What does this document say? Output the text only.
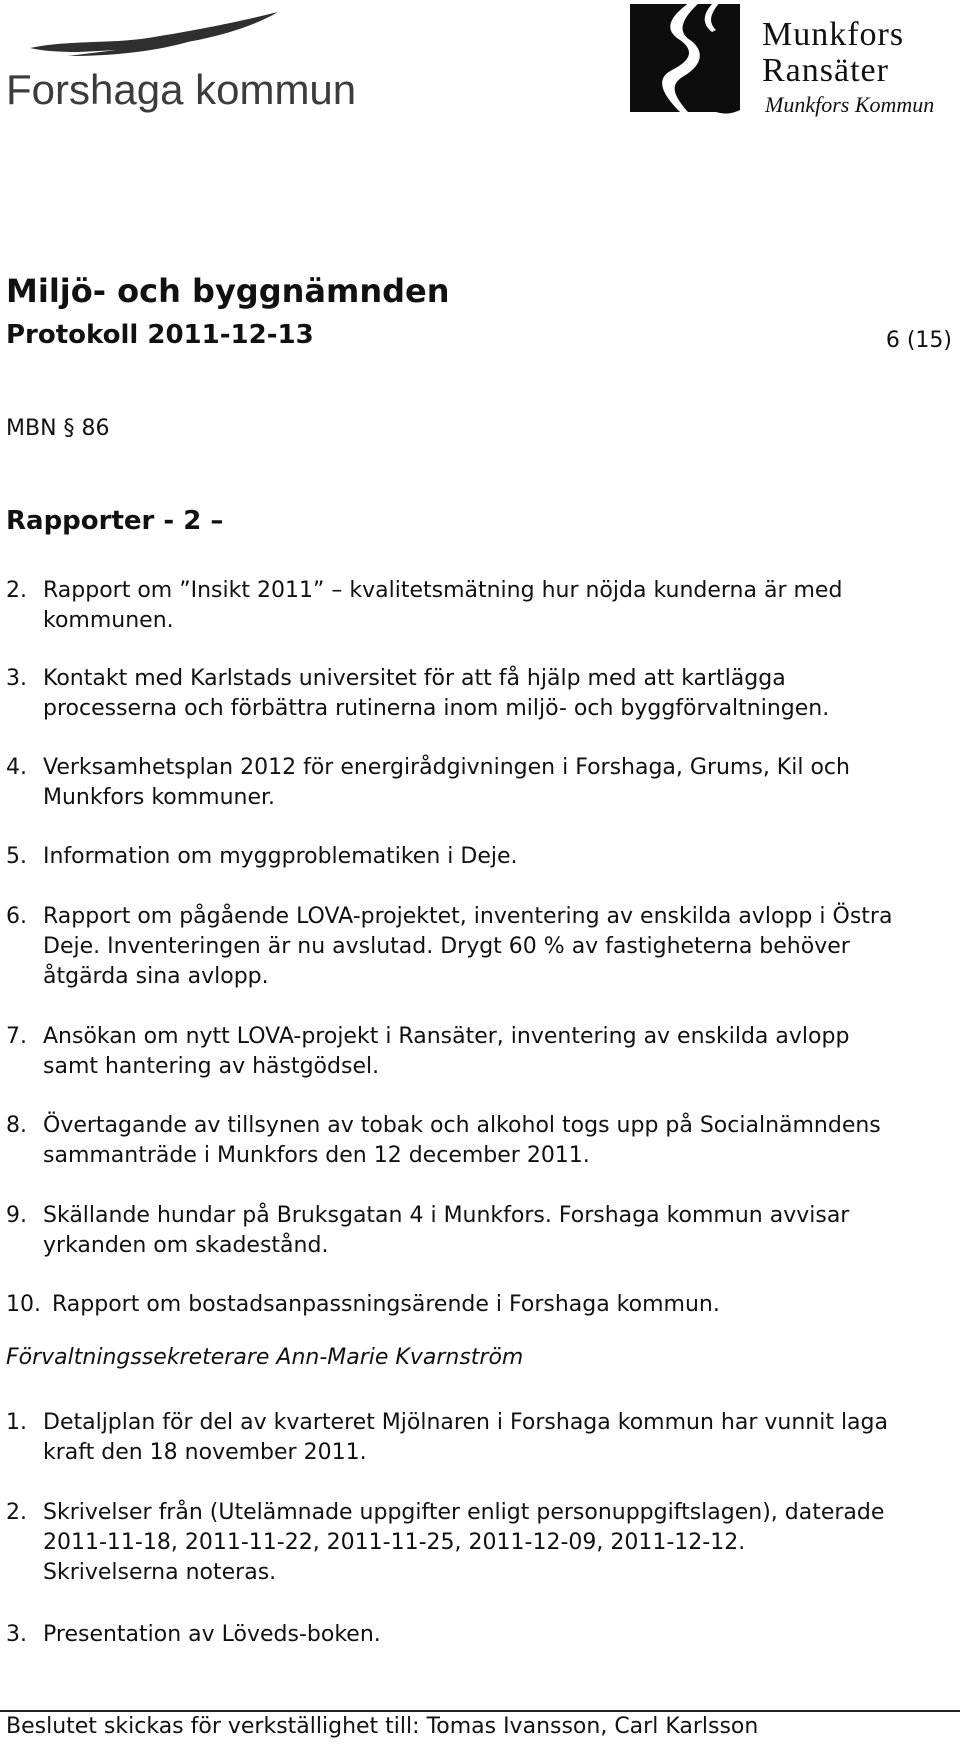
Forshaga kommun
Munkfors
Ransäter
Munkfors Kommun
Miljö- och byggnämnden
Protokoll 2011-12-13	6 (15)
MBN § 86
Rapporter - 2 –
2. Rapport om ”Insikt 2011” – kvalitetsmätning hur nöjda kunderna är med kommunen.
3. Kontakt med Karlstads universitet för att få hjälp med att kartlägga processerna och förbättra rutinerna inom miljö- och byggförvaltningen.
4. Verksamhetsplan 2012 för energirådgivningen i Forshaga, Grums, Kil och Munkfors kommuner.
5. Information om myggproblematiken i Deje.
6. Rapport om pågående LOVA-projektet, inventering av enskilda avlopp i Östra Deje. Inventeringen är nu avslutad. Drygt 60 % av fastigheterna behöver åtgärda sina avlopp.
7. Ansökan om nytt LOVA-projekt i Ransäter, inventering av enskilda avlopp samt hantering av hästgödsel.
8. Övertagande av tillsynen av tobak och alkohol togs upp på Socialnämndens sammanträde i Munkfors den 12 december 2011.
9. Skällande hundar på Bruksgatan 4 i Munkfors. Forshaga kommun avvisar yrkanden om skadestånd.
10. Rapport om bostadsanpassningsärende i Forshaga kommun.
Förvaltningssekreterare Ann-Marie Kvarnström
1. Detaljplan för del av kvarteret Mjölnaren i Forshaga kommun har vunnit laga kraft den 18 november 2011.
2. Skrivelser från (Utelämnade uppgifter enligt personuppgiftslagen), daterade 2011-11-18, 2011-11-22, 2011-11-25, 2011-12-09, 2011-12-12.
Skrivelserna noteras.
3. Presentation av Löveds-boken.
Beslutet skickas för verkställighet till: Tomas Ivansson, Carl Karlsson
